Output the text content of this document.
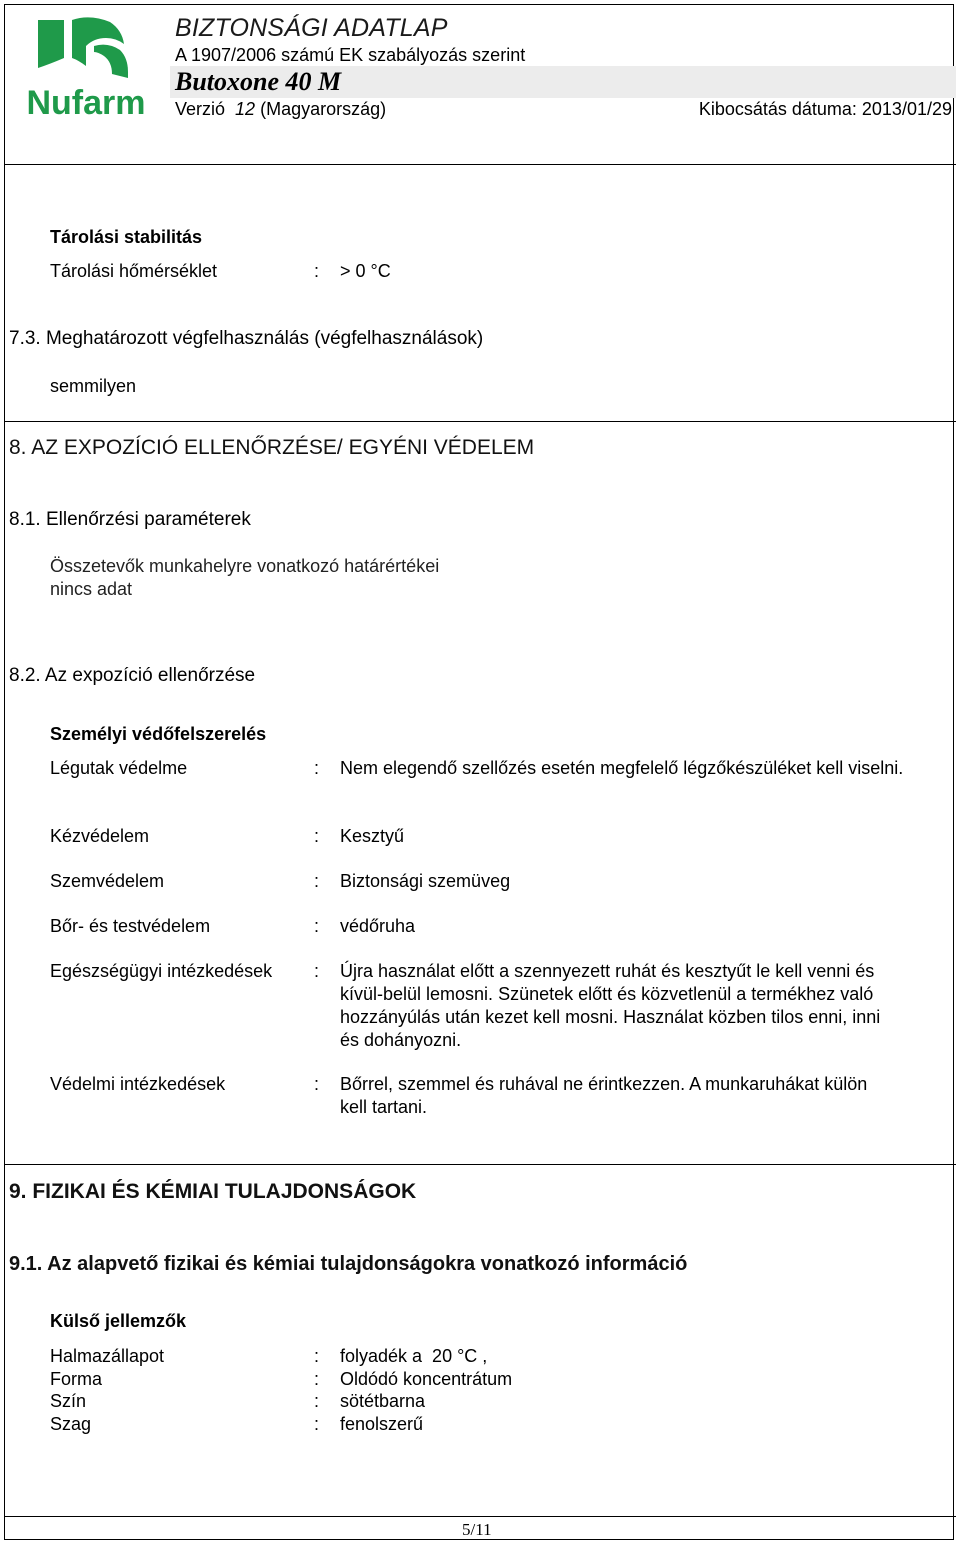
Nufarm
BIZTONSÁGI ADATLAP
A 1907/2006 számú EK szabályozás szerint
Butoxone 40 M
Verzió 12 (Magyarország)	Kibocsátás dátuma: 2013/01/29
Tárolási stabilitás
Tárolási hőmérséklet	: > 0 °C
7.3. Meghatározott végfelhasználás (végfelhasználások)
semmilyen
8. AZ EXPOZÍCIÓ ELLENŐRZÉSE/ EGYÉNI VÉDELEM
8.1. Ellenőrzési paraméterek
Összetevők munkahelyre vonatkozó határértékei
nincs adat
8.2. Az expozíció ellenőrzése
Személyi védőfelszerelés
Légutak védelme	: Nem elegendő szellőzés esetén megfelelő légzőkészüléket kell viselni.
Kézvédelem	: Kesztyű
Szemvédelem	: Biztonsági szemüveg
Bőr- és testvédelem	: védőruha
Egészségügyi intézkedések : Újra használat előtt a szennyezett ruhát és kesztyűt le kell venni és kívül-belül lemosni. Szünetek előtt és közvetlenül a termékhez való hozzányúlás után kezet kell mosni. Használat közben tilos enni, inni és dohányozni.
Védelmi intézkedések	: Bőrrel, szemmel és ruhával ne érintkezzen. A munkaruhákat külön kell tartani.
9. FIZIKAI ÉS KÉMIAI TULAJDONSÁGOK
9.1. Az alapvető fizikai és kémiai tulajdonságokra vonatkozó információ
Külső jellemzők
Halmazállapot	: folyadék a  20 °C ,
Forma	: Oldódó koncentrátum
Szín	: sötétbarna
Szag	: fenolszerű
5/11
